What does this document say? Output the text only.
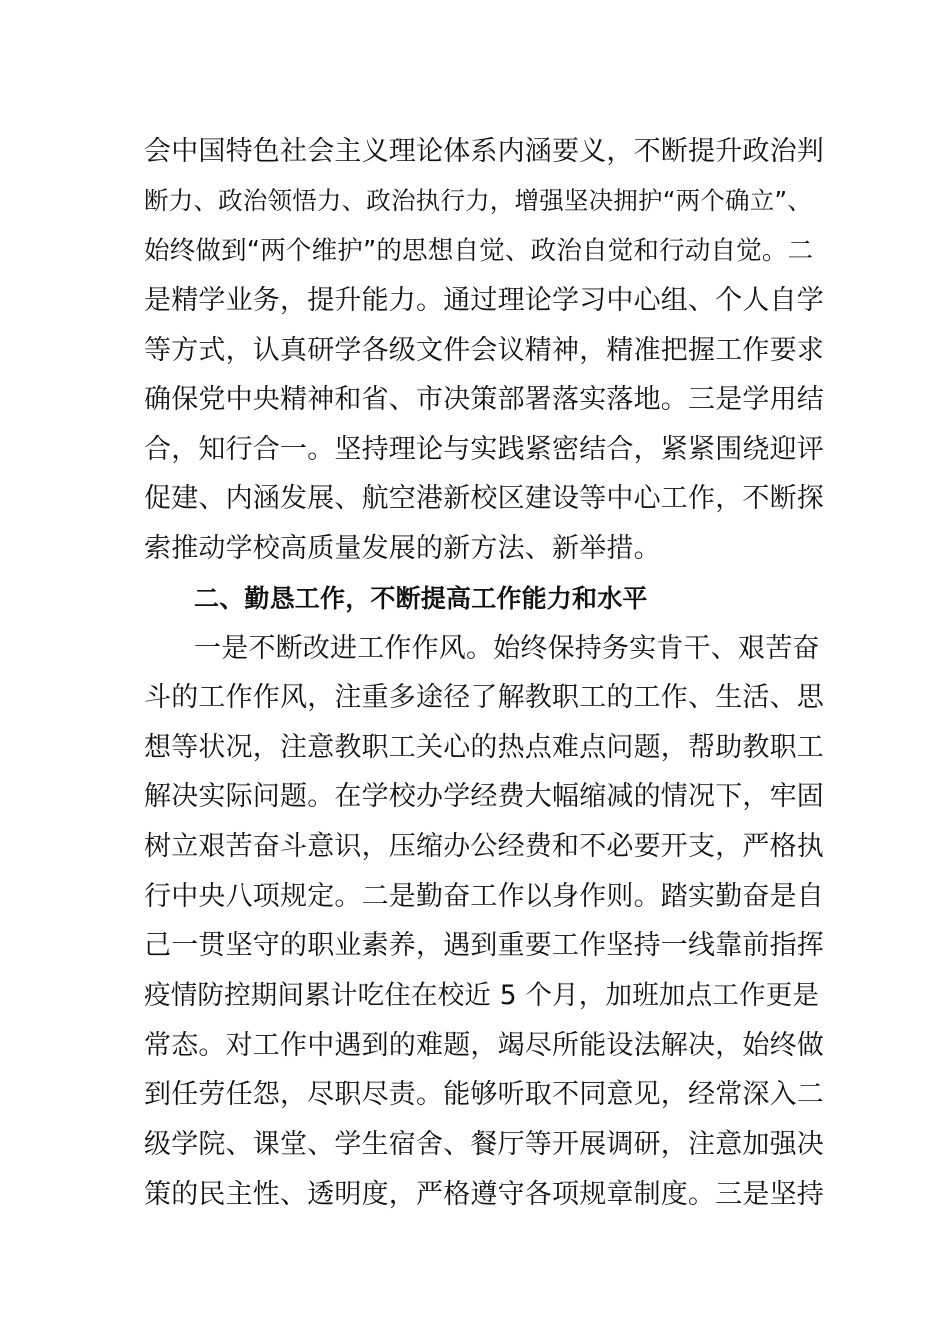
会中国特色社会主义理论体系内涵要义，不断提升政治判
断力、政治领悟力、政治执行力，增强坚决拥护“两个确立”、
始终做到“两个维护”的思想自觉、政治自觉和行动自觉。二
是精学业务，提升能力。通过理论学习中心组、个人自学
等方式，认真研学各级文件会议精神，精准把握工作要求
确保党中央精神和省、市决策部署落实落地。三是学用结
合，知行合一。坚持理论与实践紧密结合，紧紧围绕迎评
促建、内涵发展、航空港新校区建设等中心工作，不断探
索推动学校高质量发展的新方法、新举措。
二、勤恳工作，不断提高工作能力和水平
一是不断改进工作作风。始终保持务实肯干、艰苦奋
斗的工作作风，注重多途径了解教职工的工作、生活、思
想等状况，注意教职工关心的热点难点问题，帮助教职工
解决实际问题。在学校办学经费大幅缩减的情况下，牢固
树立艰苦奋斗意识，压缩办公经费和不必要开支，严格执
行中央八项规定。二是勤奋工作以身作则。踏实勤奋是自
己一贯坚守的职业素养，遇到重要工作坚持一线靠前指挥
疫情防控期间累计吃住在校近 5 个月，加班加点工作更是
常态。对工作中遇到的难题，竭尽所能设法解决，始终做
到任劳任怨，尽职尽责。能够听取不同意见，经常深入二
级学院、课堂、学生宿舍、餐厅等开展调研，注意加强决
策的民主性、透明度，严格遵守各项规章制度。三是坚持
